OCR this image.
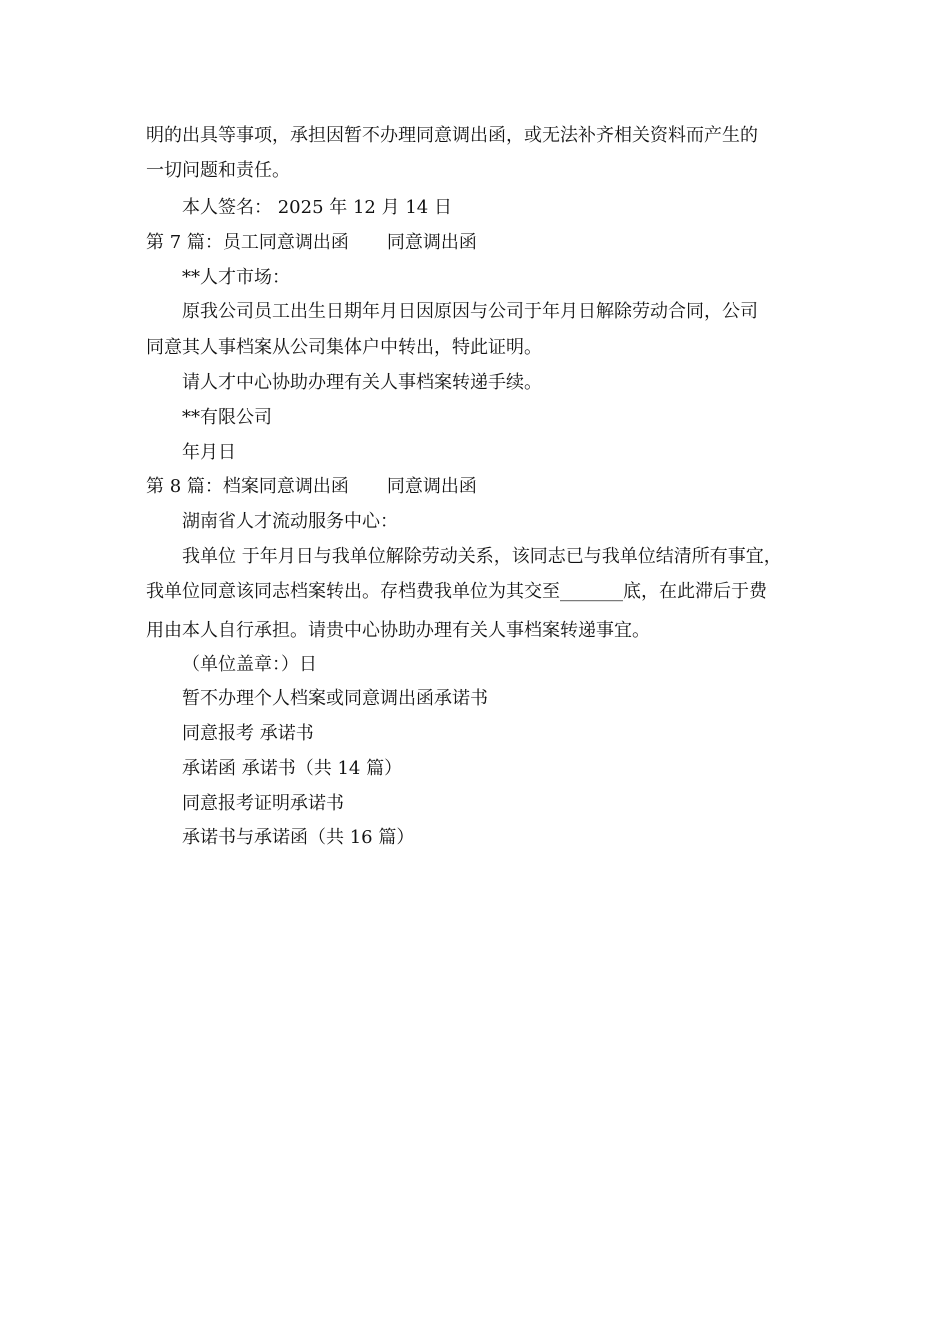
明的出具等事项，承担因暂不办理同意调出函，或无法补齐相关资料而产生的
一切问题和责任。
本人签名： 2025 年 12 月 14 日
第 7 篇：员工同意调出函 同意调出函
**人才市场：
原我公司员工出生日期年月日因原因与公司于年月日解除劳动合同，公司
同意其人事档案从公司集体户中转出，特此证明。
请人才中心协助办理有关人事档案转递手续。
**有限公司
年月日
第 8 篇：档案同意调出函 同意调出函
湖南省人才流动服务中心：
我单位 于年月日与我单位解除劳动关系，该同志已与我单位结清所有事宜，
我单位同意该同志档案转出。存档费我单位为其交至_______底，在此滞后于费
用由本人自行承担。请贵中心协助办理有关人事档案转递事宜。
（单位盖章：）日
暂不办理个人档案或同意调出函承诺书
同意报考 承诺书
承诺函 承诺书（共 14 篇）
同意报考证明承诺书
承诺书与承诺函（共 16 篇）
